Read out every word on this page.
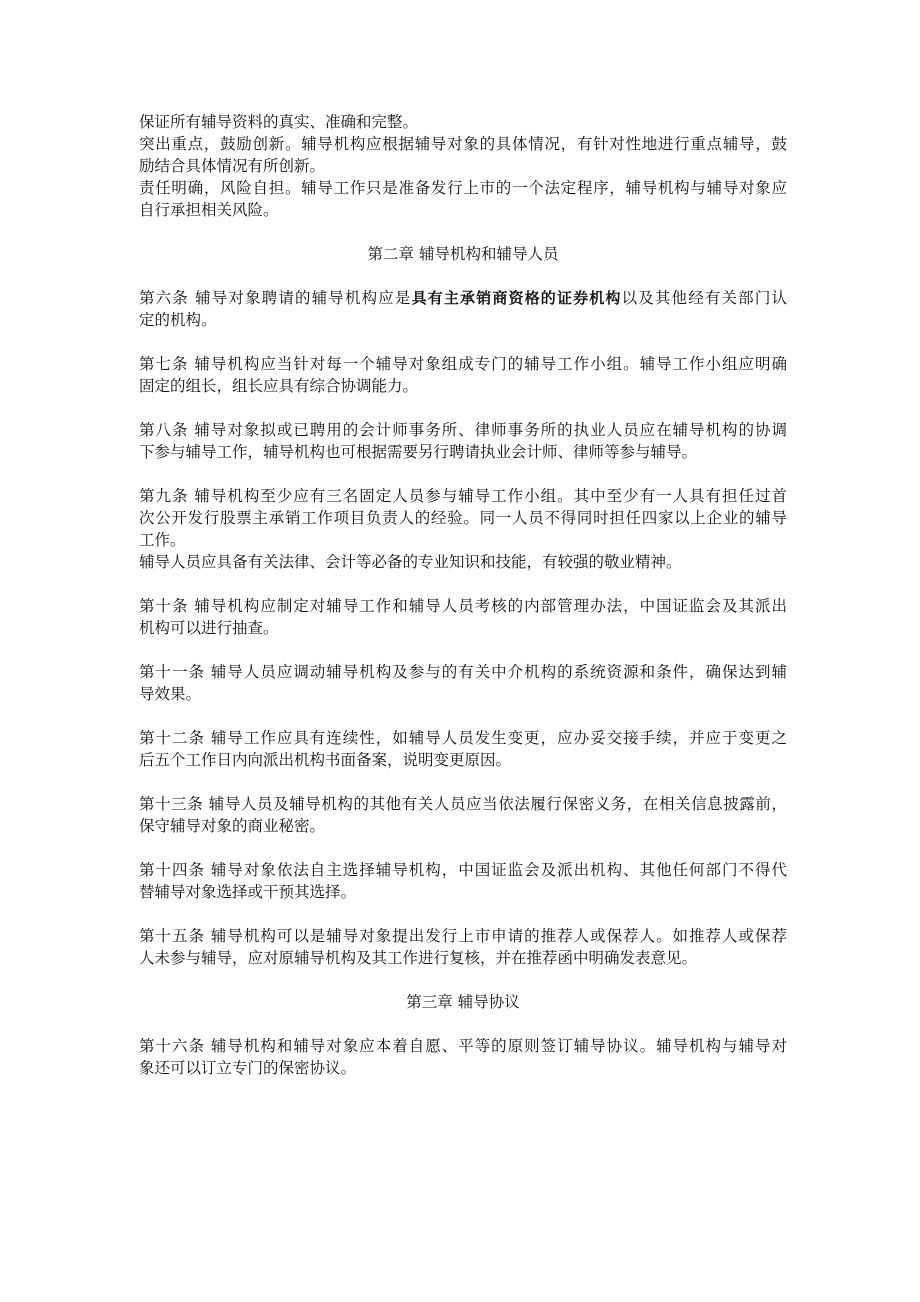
保证所有辅导资料的真实、准确和完整。
突出重点，鼓励创新。辅导机构应根据辅导对象的具体情况，有针对性地进行重点辅导，鼓
励结合具体情况有所创新。
责任明确，风险自担。辅导工作只是准备发行上市的一个法定程序，辅导机构与辅导对象应
自行承担相关风险。
第二章 辅导机构和辅导人员
第六条 辅导对象聘请的辅导机构应是具有主承销商资格的证券机构以及其他经有关部门认
定的机构。
第七条 辅导机构应当针对每一个辅导对象组成专门的辅导工作小组。辅导工作小组应明确
固定的组长，组长应具有综合协调能力。
第八条 辅导对象拟或已聘用的会计师事务所、律师事务所的执业人员应在辅导机构的协调
下参与辅导工作，辅导机构也可根据需要另行聘请执业会计师、律师等参与辅导。
第九条 辅导机构至少应有三名固定人员参与辅导工作小组。其中至少有一人具有担任过首
次公开发行股票主承销工作项目负责人的经验。同一人员不得同时担任四家以上企业的辅导
工作。
辅导人员应具备有关法律、会计等必备的专业知识和技能，有较强的敬业精神。
第十条 辅导机构应制定对辅导工作和辅导人员考核的内部管理办法，中国证监会及其派出
机构可以进行抽查。
第十一条 辅导人员应调动辅导机构及参与的有关中介机构的系统资源和条件，确保达到辅
导效果。
第十二条 辅导工作应具有连续性，如辅导人员发生变更，应办妥交接手续，并应于变更之
后五个工作日内向派出机构书面备案，说明变更原因。
第十三条 辅导人员及辅导机构的其他有关人员应当依法履行保密义务，在相关信息披露前，
保守辅导对象的商业秘密。
第十四条 辅导对象依法自主选择辅导机构，中国证监会及派出机构、其他任何部门不得代
替辅导对象选择或干预其选择。
第十五条 辅导机构可以是辅导对象提出发行上市申请的推荐人或保荐人。如推荐人或保荐
人未参与辅导，应对原辅导机构及其工作进行复核，并在推荐函中明确发表意见。
第三章 辅导协议
第十六条 辅导机构和辅导对象应本着自愿、平等的原则签订辅导协议。辅导机构与辅导对
象还可以订立专门的保密协议。
